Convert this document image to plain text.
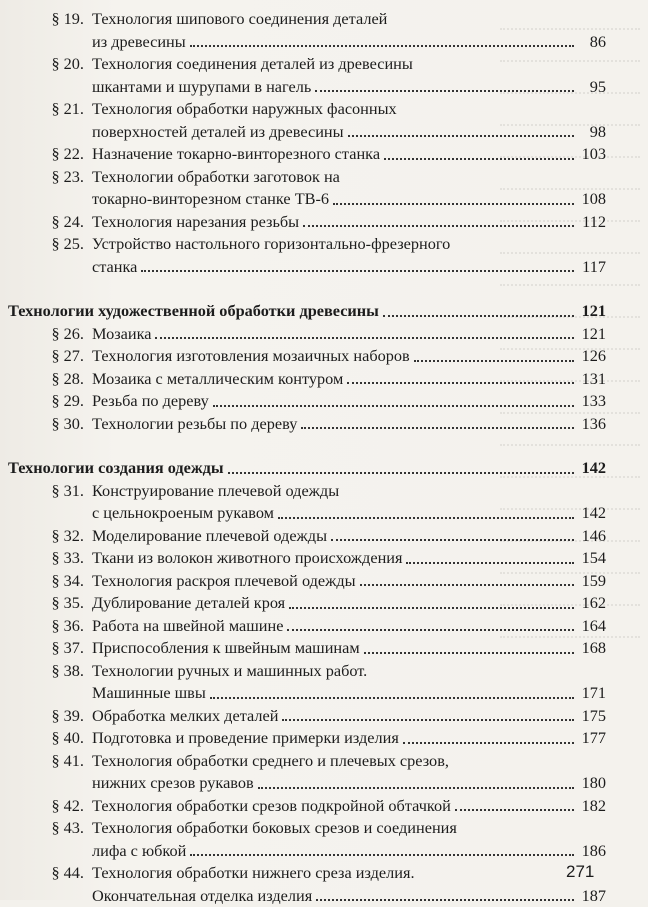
§ 19. Технология шипового соединения деталей
из древесины	86
§ 20. Технология соединения деталей из древесины
шкантами и шурупами в нагель	95
§ 21. Технология обработки наружных фасонных
поверхностей деталей из древесины	98
§ 22. Назначение токарно-винторезного станка	103
§ 23. Технологии обработки заготовок на
токарно-винторезном станке ТВ-6	108
§ 24. Технология нарезания резьбы	112
§ 25. Устройство настольного горизонтально-фрезерного
станка	117
Технологии художественной обработки древесины	121
§ 26. Мозаика	121
§ 27. Технология изготовления мозаичных наборов	126
§ 28. Мозаика с металлическим контуром	131
§ 29. Резьба по дереву	133
§ 30. Технологии резьбы по дереву	136
Технологии создания одежды	142
§ 31. Конструирование плечевой одежды
с цельнокроеным рукавом	142
§ 32. Моделирование плечевой одежды	146
§ 33. Ткани из волокон животного происхождения	154
§ 34. Технология раскроя плечевой одежды	159
§ 35. Дублирование деталей кроя	162
§ 36. Работа на швейной машине	164
§ 37. Приспособления к швейным машинам	168
§ 38. Технологии ручных и машинных работ.
Машинные швы	171
§ 39. Обработка мелких деталей	175
§ 40. Подготовка и проведение примерки изделия	177
§ 41. Технология обработки среднего и плечевых срезов,
нижних срезов рукавов	180
§ 42. Технология обработки срезов подкройной обтачкой	182
§ 43. Технология обработки боковых срезов и соединения
лифа с юбкой	186
§ 44. Технология обработки нижнего среза изделия.
Окончательная отделка изделия	187
271
